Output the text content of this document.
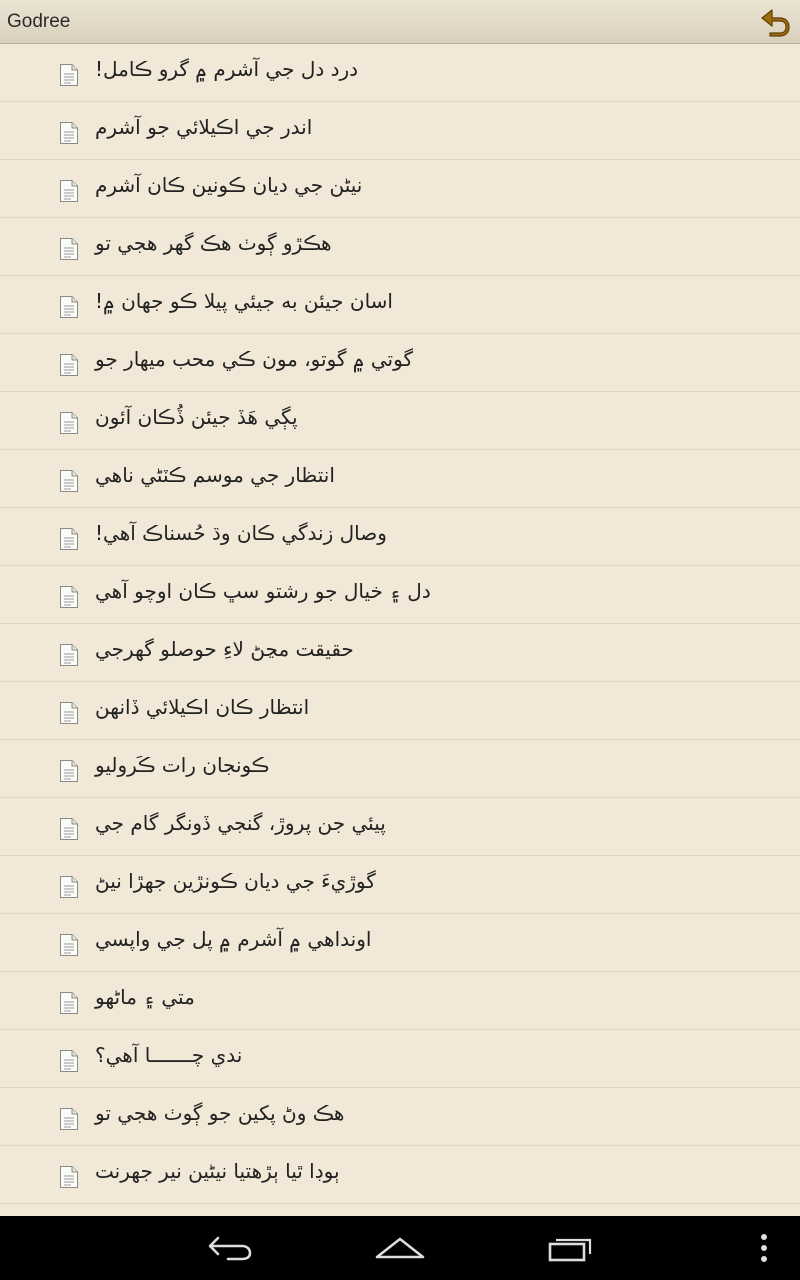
Godree
درد دل جي آشرم ۾ گرو ڪامل!
اندر جي اڪيلائي جو آشرم
نيڻن جي ديان ڪونين ڪان آشرم
هڪڙو ڳوٺ هڪ گهر هجي تو
اسان جيئن به جيئي پيلا ڪو جهان ۾!
گوتي ۾ گوتو، مون ڪي محب ميهار جو
پڳي هَڏ جيئن ڏُڪان آئون
انتظار جي موسم ڪٽڻي ناهي
وصال زندگي ڪان وڌ حُسناڪ آهي!
دل ۽ خيال جو رشتو سڀ ڪان اوچو آهي
حقيقت مڃڻ لاءِ حوصلو گهرجي
انتظار ڪان اڪيلائي ڏانهن
ڪونجان رات ڪَروليو
پيئي جن پروڙ، گنجي ڏونگر گام جي
گوڙيءَ جي ديان ڪونڙين جهڙا نيڻ
اونداهي ۾ آشرم ۾ پل جي واپسي
متي ۽ ماڻهو
ندي چـــــــا آهي؟
هڪ وڻ پکين جو ڳوٺ هجي تو
ٻوڊا ٿيا ٻڙهتيا نيڻين نير جهرنت
